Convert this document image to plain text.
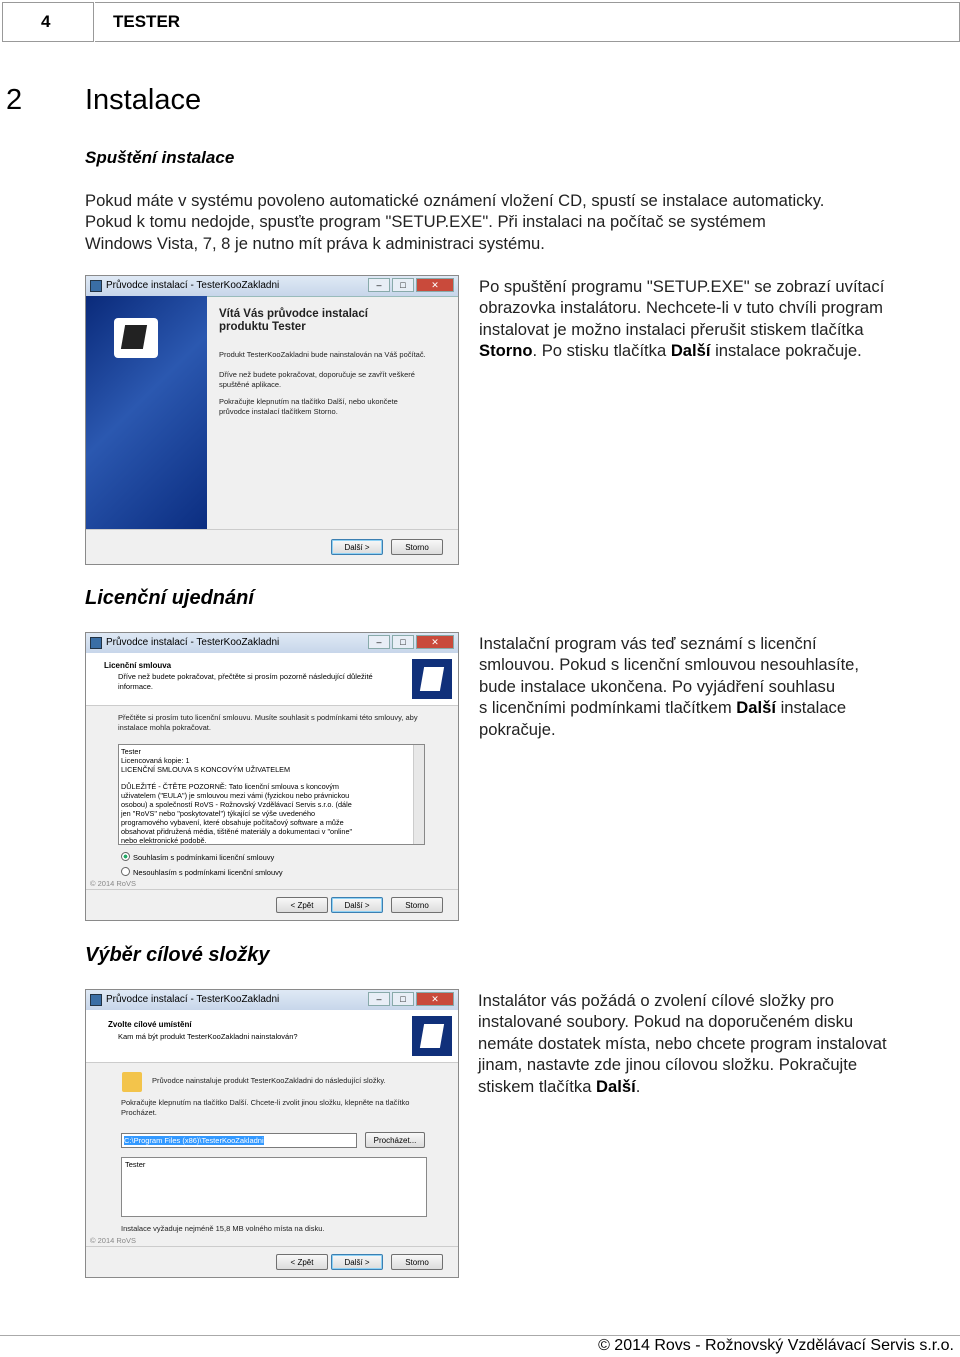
4	TESTER
2 Instalace
Spuštění instalace
Pokud máte v systému povoleno automatické oznámení vložení CD, spustí se instalace automaticky.
Pokud k tomu nedojde, spusťte program "SETUP.EXE". Při instalaci na počítač se systémem
Windows Vista, 7, 8 je nutno mít práva k administraci systému.
Průvodce instalací - TesterKooZakladni	–	□	✕
Vítá Vás průvodce instalací produktu Tester
Produkt TesterKooZakladni bude nainstalován na Váš počítač.
Dříve než budete pokračovat, doporučuje se zavřít veškeré spuštěné aplikace.
Pokračujte klepnutím na tlačítko Další, nebo ukončete průvodce instalací tlačítkem Storno.
Další >	Storno
Po spuštění programu "SETUP.EXE" se zobrazí uvítací
obrazovka instalátoru. Nechcete-li v tuto chvíli program
instalovat je možno instalaci přerušit stiskem tlačítka
Storno. Po stisku tlačítka Další instalace pokračuje.
Licenční ujednání
Průvodce instalací - TesterKooZakladni	–	□	✕
Licenční smlouva
Dříve než budete pokračovat, přečtěte si prosím pozorně následující důležité informace.
Přečtěte si prosím tuto licenční smlouvu. Musíte souhlasit s podmínkami této smlouvy, aby instalace mohla pokračovat.
Tester
Licencovaná kopie: 1
LICENČNÍ SMLOUVA S KONCOVÝM UŽIVATELEM
DŮLEŽITÉ - ČTĚTE POZORNĚ: Tato licenční smlouva s koncovým uživatelem ("EULA") je smlouvou mezi vámi (fyzickou nebo právnickou osobou) a společností RoVS - Rožnovský Vzdělávací Servis s.r.o. (dále jen "RoVS" nebo "poskytovatel") týkající se výše uvedeného programového vybavení, které obsahuje počítačový software a může obsahovat přidružená média, tištěné materiály a dokumentaci v "online" nebo elektronické podobě.
Souhlasím s podmínkami licenční smlouvy
Nesouhlasím s podmínkami licenční smlouvy
© 2014 RoVS
< Zpět	Další >	Storno
Instalační program vás teď seznámí s licenční
smlouvou. Pokud s licenční smlouvou nesouhlasíte,
bude instalace ukončena. Po vyjádření souhlasu
s licenčními podmínkami tlačítkem Další instalace
pokračuje.
Výběr cílové složky
Průvodce instalací - TesterKooZakladni	–	□	✕
Zvolte cílové umístění
Kam má být produkt TesterKooZakladni nainstalován?
Průvodce nainstaluje produkt TesterKooZakladni do následující složky.
Pokračujte klepnutím na tlačítko Další. Chcete-li zvolit jinou složku, klepněte na tlačítko Procházet.
C:\Program Files (x86)\TesterKooZakladni	Procházet...
Tester
Instalace vyžaduje nejméně 15,8 MB volného místa na disku.
© 2014 RoVS
< Zpět	Další >	Storno
Instalátor vás požádá o zvolení cílové složky pro
instalované soubory. Pokud na doporučeném disku
nemáte dostatek místa, nebo chcete program instalovat
jinam, nastavte zde jinou cílovou složku. Pokračujte
stiskem tlačítka Další.
© 2014 Rovs - Rožnovský Vzdělávací Servis s.r.o.
